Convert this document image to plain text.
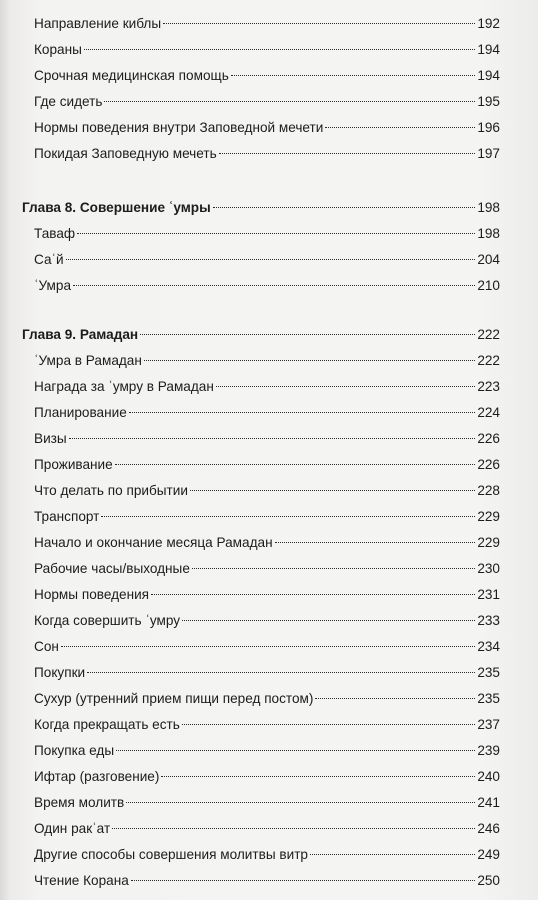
Направление киблы	192
Кораны	194
Срочная медицинская помощь	194
Где сидеть	195
Нормы поведения внутри Заповедной мечети	196
Покидая Заповедную мечеть	197
Глава 8. Совершение ʿумры	198
Таваф	198
Саʿй	204
ʿУмра	210
Глава 9. Рамадан	222
ʿУмра в Рамадан	222
Награда за ʿумру в Рамадан	223
Планирование	224
Визы	226
Проживание	226
Что делать по прибытии	228
Транспорт	229
Начало и окончание месяца Рамадан	229
Рабочие часы/выходные	230
Нормы поведения	231
Когда совершить ʿумру	233
Сон	234
Покупки	235
Сухур (утренний прием пищи перед постом)	235
Когда прекращать есть	237
Покупка еды	239
Ифтар (разговение)	240
Время молитв	241
Один ракʿат	246
Другие способы совершения молитвы витр	249
Чтение Корана	250
